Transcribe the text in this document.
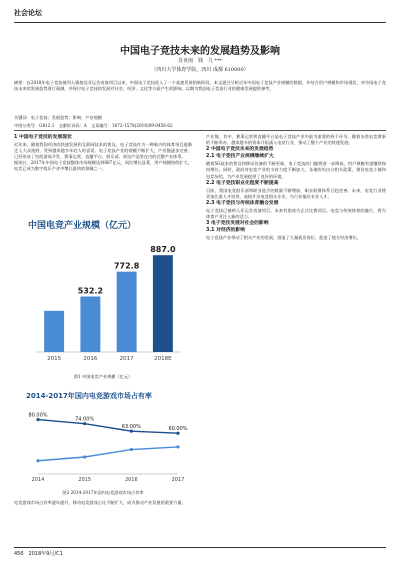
社会论坛
中国电子竞技未来的发展趋势及影响
肖亚南　钱　九 ***
（四川大学体育学院，四川 成都 610000）
摘要：自2018年电子竞技被列入雅加达亚运会表演项目以来，中国电子竞技进入了一个高速发展的新阶段，本文通过分析近年中国电子竞技产业规模的数据，并结合用户规模和市场现状，对中国电子竞技未来的发展趋势进行预测，并探讨电子竞技的发展对社会、经济、文化等方面产生的影响，以期为我国电子竞技行业的健康发展提供参考。
关键词：电子竞技；发展趋势；影响；产业规模
中图分类号：G812.1　文献标识码：A　文章编号：1672-1578(2018)09-0456-02
1 中国电子竞技的发展现状

近年来，随着我国经济的快速发展和互联网技术的普及，电子竞技作为一种新兴的体育项目逐渐走入大众视野，受到越来越多年轻人的喜爱。电子竞技产业的规模不断扩大，产业链逐步完善，已经形成了包括游戏开发、赛事运营、直播平台、俱乐部、周边产品等在内的完整产业体系。

据统计，2017年中国电子竞技整体市场规模达到887亿元，同比增长显著，用户规模持续扩大，电竞已成为数字娱乐产业中增长最快的领域之一。

中国电竞产业规模（亿元）
2015
532.2
2016
772.8
2017
887.0
2018E
图1 中国电竞产业规模（亿元）
2014-2017年国内电竞游戏市场占有率
80.00%
74.00%
63.00%	60.00%
2014	2015	2016	2017
图2 2014-2017年国内电竞游戏市场占有率

电竞游戏市场占有率逐年提升，移动电竞游戏占比不断扩大，成为推动产业发展的重要力量。

产业链。其中，赛事运营和直播平台是电子竞技产业中最为重要的两个环节。随着各类电竞赛事的不断举办，越来越多的资本开始涌入电竞行业，推动了整个产业的快速发展。

2 中国电子竞技未来的发展趋势
2.1 电子竞技产业规模继续扩大

随着5G技术的普及和移动设备的不断更新，电子竞技的门槛将进一步降低，用户规模有望继续保持增长。同时，政府对电竞产业的支持力度不断加大，各地纷纷出台相关政策，建设电竞小镇和电竞场馆，为产业发展提供了良好的环境。

2.2 电子竞技职业化程度不断提高

目前，我国电竞俱乐部和职业选手的数量不断增加，职业联赛体系日趋完善。未来，电竞行业将更加注重人才培养，高校开设电竞相关专业，为行业输送专业人才。

2.3 电子竞技与传统体育融合发展

电子竞技已被纳入亚运会表演项目，未来有望成为正式比赛项目。电竞与传统体育的融合，将为体育产业注入新的活力。

3 电子竞技发展对社会的影响
3.1 对经济的影响

电子竞技产业带动了相关产业的发展，创造了大量就业岗位，促进了地方经济增长。

456　2018年9月/C1
